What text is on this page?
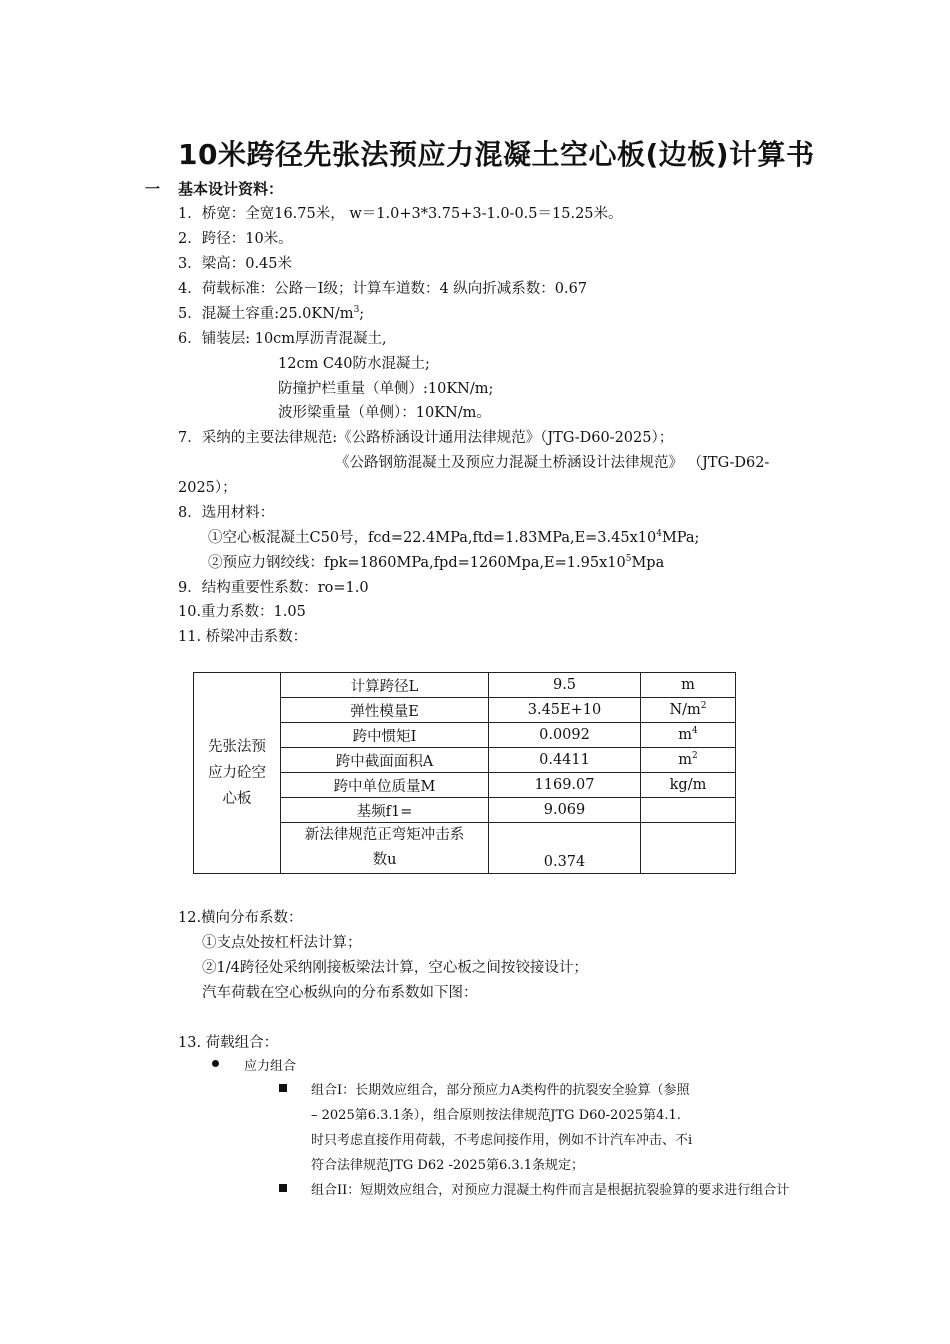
10米跨径先张法预应力混凝土空心板(边板)计算书
一 基本设计资料：
1．桥宽：全宽16.75米， w＝1.0+3*3.75+3-1.0-0.5＝15.25米。
2．跨径：10米。
3．梁高：0.45米
4．荷载标准：公路－Ⅰ级；计算车道数：4 纵向折减系数：0.67
5．混凝土容重$:25.0KN/m^3$;
6．铺装层: 10cm厚沥青混凝土,
12cm C40防水混凝土;
防撞护栏重量（单侧）:10KN/m;
波形梁重量（单侧）：10KN/m。
7．采纳的主要法律规范:《公路桥涵设计通用法律规范》（JTG-D60-2025）；
《公路钢筋混凝土及预应力混凝土桥涵设计法律规范》 （JTG-D62-
2025）；
8．选用材料：
①空心板混凝土C50号，$fcd=22.4MPa,ftd=1.83MPa,E=3.45x10^4MPa$;
②预应力钢绞线：$fpk=1860MPa,fpd=1260Mpa,E=1.95x10^5Mpa$
9．结构重要性系数：ro=1.0
10.重力系数：1.05
11. 桥梁冲击系数：
先张法预
应力砼空
心板	计算跨径L	9.5	m
	弹性模量E	3.45E+10	$N/m^2$
	跨中惯矩I	0.0092	$m^4$
	跨中截面面积A	0.4411	$m^2$
	跨中单位质量M	1169.07	kg/m
	基频f1=	9.069	

	新法律规范正弯矩冲击系
数u	0.374	
12.横向分布系数：
①支点处按杠杆法计算；
②1/4跨径处采纳刚接板梁法计算，空心板之间按铰接设计；
汽车荷载在空心板纵向的分布系数如下图：
13. 荷载组合：
应力组合
组合I：长期效应组合，部分预应力A类构件的抗裂安全验算（参照
– 2025第6.3.1条），组合原则按法律规范JTG D60-2025第4.1.
时只考虑直接作用荷载，不考虑间接作用，例如不计汽车冲击、不i
符合法律规范JTG D62 -2025第6.3.1条规定；
组合II：短期效应组合，对预应力混凝土构件而言是根据抗裂验算的要求进行组合计
